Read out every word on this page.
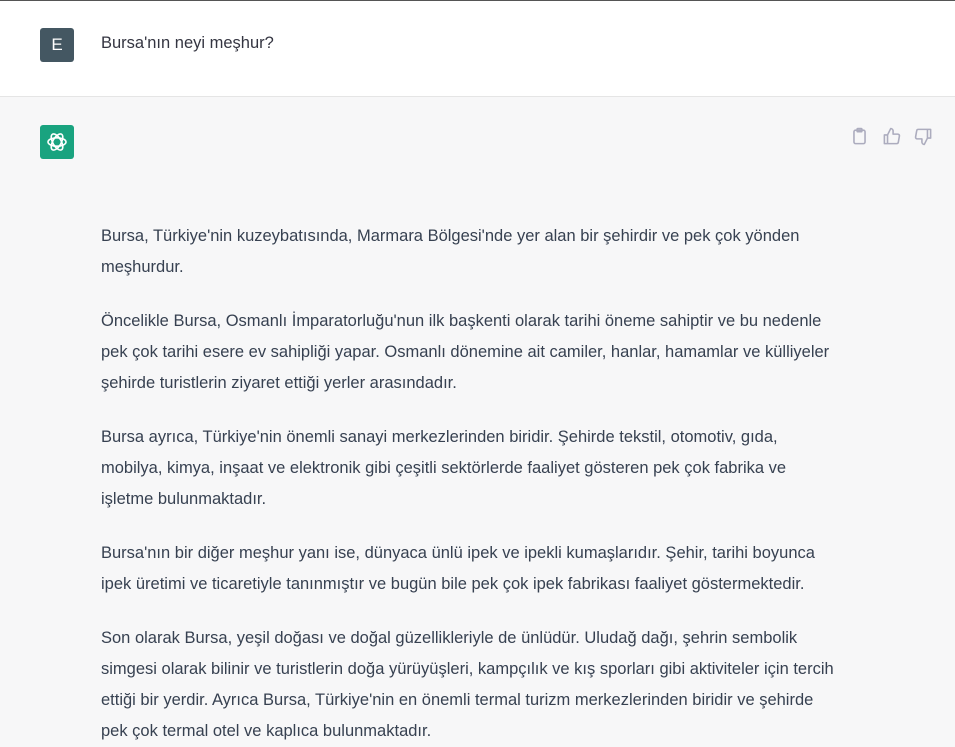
E	Bursa'nın neyi meşhur?

Bursa, Türkiye'nin kuzeybatısında, Marmara Bölgesi'nde yer alan bir şehirdir ve pek çok yönden meşhurdur.

Öncelikle Bursa, Osmanlı İmparatorluğu'nun ilk başkenti olarak tarihi öneme sahiptir ve bu nedenle pek çok tarihi esere ev sahipliği yapar. Osmanlı dönemine ait camiler, hanlar, hamamlar ve külliyeler şehirde turistlerin ziyaret ettiği yerler arasındadır.

Bursa ayrıca, Türkiye'nin önemli sanayi merkezlerinden biridir. Şehirde tekstil, otomotiv, gıda, mobilya, kimya, inşaat ve elektronik gibi çeşitli sektörlerde faaliyet gösteren pek çok fabrika ve işletme bulunmaktadır.

Bursa'nın bir diğer meşhur yanı ise, dünyaca ünlü ipek ve ipekli kumaşlarıdır. Şehir, tarihi boyunca ipek üretimi ve ticaretiyle tanınmıştır ve bugün bile pek çok ipek fabrikası faaliyet göstermektedir.

Son olarak Bursa, yeşil doğası ve doğal güzellikleriyle de ünlüdür. Uludağ dağı, şehrin sembolik simgesi olarak bilinir ve turistlerin doğa yürüyüşleri, kampçılık ve kış sporları gibi aktiviteler için tercih ettiği bir yerdir. Ayrıca Bursa, Türkiye'nin en önemli termal turizm merkezlerinden biridir ve şehirde pek çok termal otel ve kaplıca bulunmaktadır.
